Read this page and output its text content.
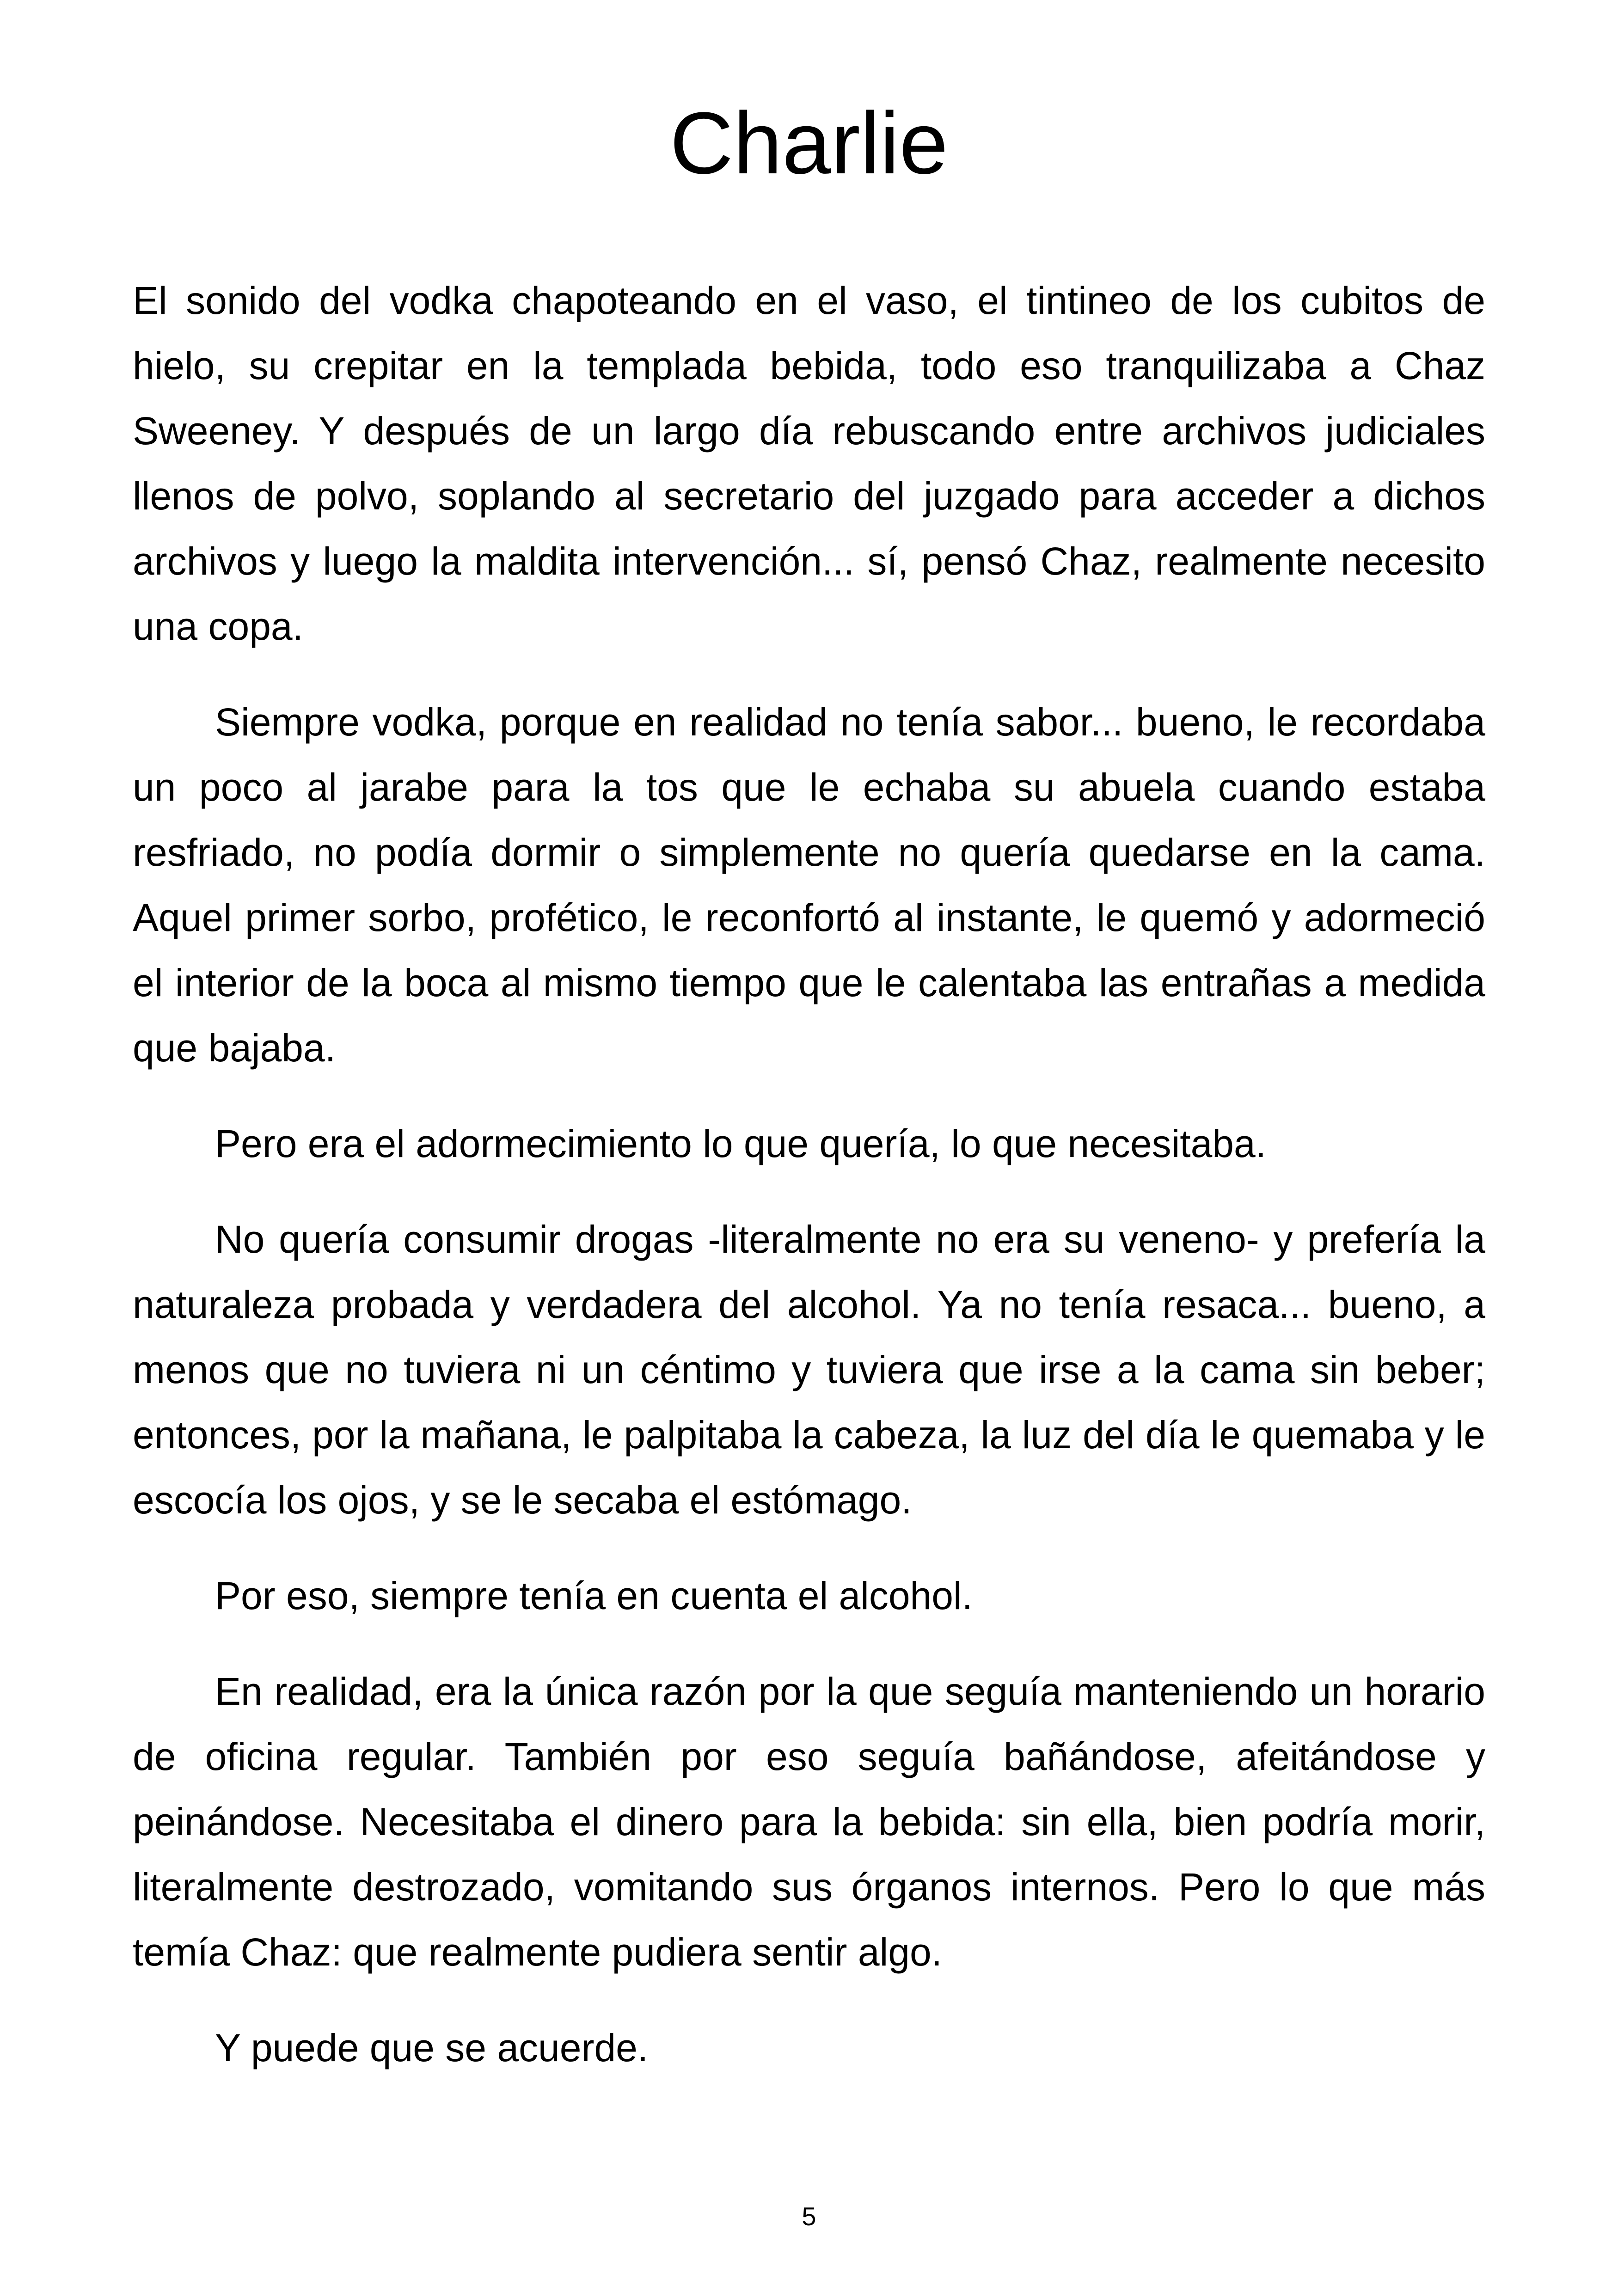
Charlie

El sonido del vodka chapoteando en el vaso, el tintineo de los cubitos de hielo, su crepitar en la templada bebida, todo eso tranquilizaba a Chaz Sweeney. Y después de un largo día rebuscando entre archivos judiciales llenos de polvo, soplando al secretario del juzgado para acceder a dichos archivos y luego la maldita intervención... sí, pensó Chaz, realmente necesito una copa.

Siempre vodka, porque en realidad no tenía sabor... bueno, le recordaba un poco al jarabe para la tos que le echaba su abuela cuando estaba resfriado, no podía dormir o simplemente no quería quedarse en la cama. Aquel primer sorbo, profético, le reconfortó al instante, le quemó y adormeció el interior de la boca al mismo tiempo que le calentaba las entrañas a medida que bajaba.

Pero era el adormecimiento lo que quería, lo que necesitaba.

No quería consumir drogas -literalmente no era su veneno- y prefería la naturaleza probada y verdadera del alcohol. Ya no tenía resaca... bueno, a menos que no tuviera ni un céntimo y tuviera que irse a la cama sin beber; entonces, por la mañana, le palpitaba la cabeza, la luz del día le quemaba y le escocía los ojos, y se le secaba el estómago.

Por eso, siempre tenía en cuenta el alcohol.

En realidad, era la única razón por la que seguía manteniendo un horario de oficina regular. También por eso seguía bañándose, afeitándose y peinándose. Necesitaba el dinero para la bebida: sin ella, bien podría morir, literalmente destrozado, vomitando sus órganos internos. Pero lo que más temía Chaz: que realmente pudiera sentir algo.

Y puede que se acuerde.

5
